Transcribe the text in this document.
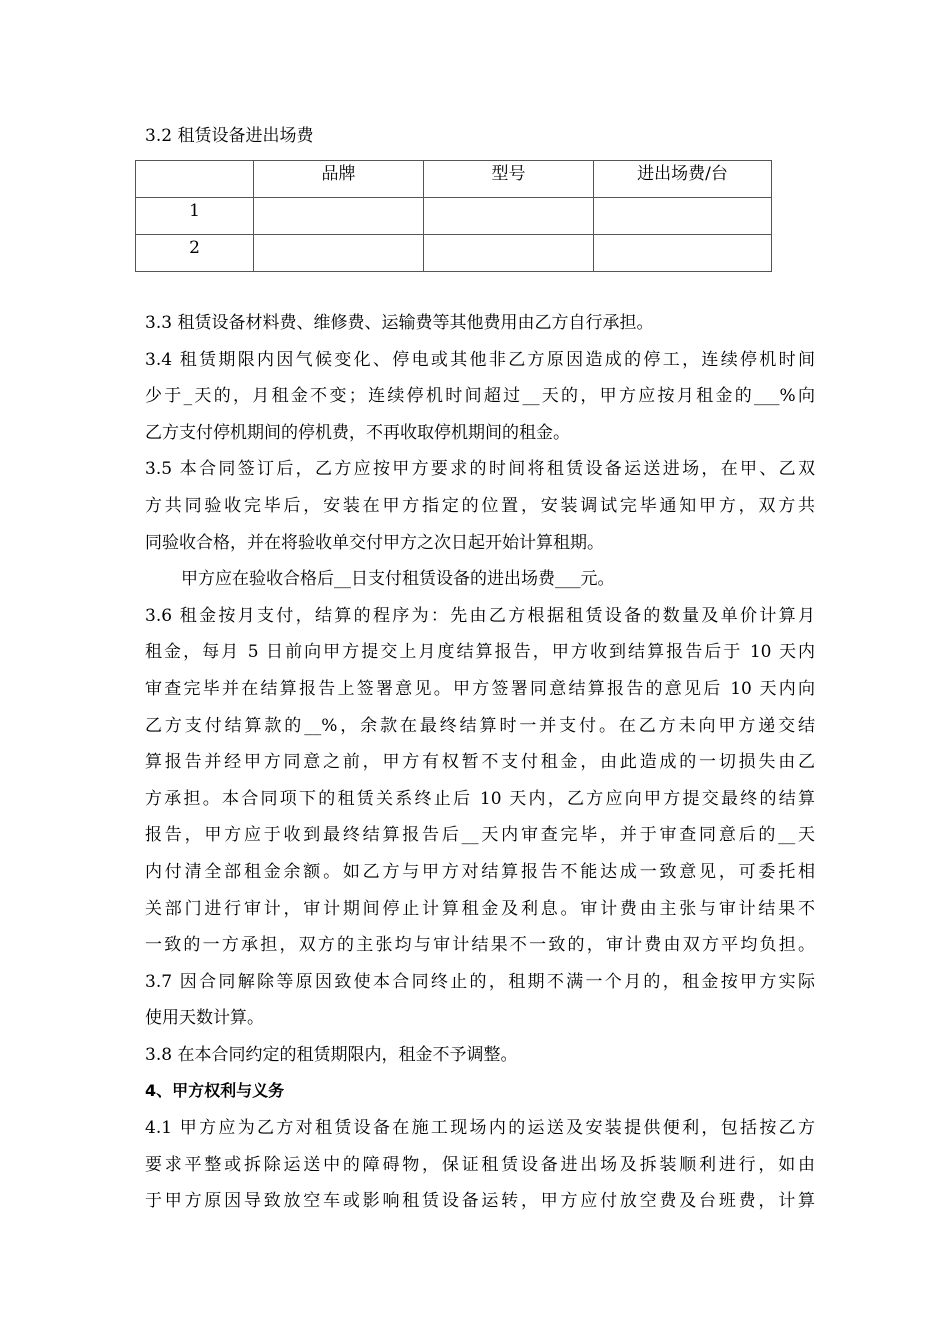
3.2 租赁设备进出场费
	品牌	型号	进出场费/台
1			
2			
3.3 租赁设备材料费、维修费、运输费等其他费用由乙方自行承担。
3.4 租赁期限内因气候变化、停电或其他非乙方原因造成的停工，连续停机时间
少于_天的，月租金不变；连续停机时间超过__天的，甲方应按月租金的___%向
乙方支付停机期间的停机费，不再收取停机期间的租金。
3.5 本合同签订后，乙方应按甲方要求的时间将租赁设备运送进场，在甲、乙双
方共同验收完毕后，安装在甲方指定的位置，安装调试完毕通知甲方，双方共
同验收合格，并在将验收单交付甲方之次日起开始计算租期。
甲方应在验收合格后__日支付租赁设备的进出场费___元。
3.6 租金按月支付，结算的程序为：先由乙方根据租赁设备的数量及单价计算月
租金，每月 5 日前向甲方提交上月度结算报告，甲方收到结算报告后于 10 天内
审查完毕并在结算报告上签署意见。甲方签署同意结算报告的意见后 10 天内向
乙方支付结算款的__%，余款在最终结算时一并支付。在乙方未向甲方递交结
算报告并经甲方同意之前，甲方有权暂不支付租金，由此造成的一切损失由乙
方承担。本合同项下的租赁关系终止后 10 天内，乙方应向甲方提交最终的结算
报告，甲方应于收到最终结算报告后__天内审查完毕，并于审查同意后的__天
内付清全部租金余额。如乙方与甲方对结算报告不能达成一致意见，可委托相
关部门进行审计，审计期间停止计算租金及利息。审计费由主张与审计结果不
一致的一方承担，双方的主张均与审计结果不一致的，审计费由双方平均负担。
3.7 因合同解除等原因致使本合同终止的，租期不满一个月的，租金按甲方实际
使用天数计算。
3.8 在本合同约定的租赁期限内，租金不予调整。
4、甲方权利与义务
4.1 甲方应为乙方对租赁设备在施工现场内的运送及安装提供便利，包括按乙方
要求平整或拆除运送中的障碍物，保证租赁设备进出场及拆装顺利进行，如由
于甲方原因导致放空车或影响租赁设备运转，甲方应付放空费及台班费，计算
